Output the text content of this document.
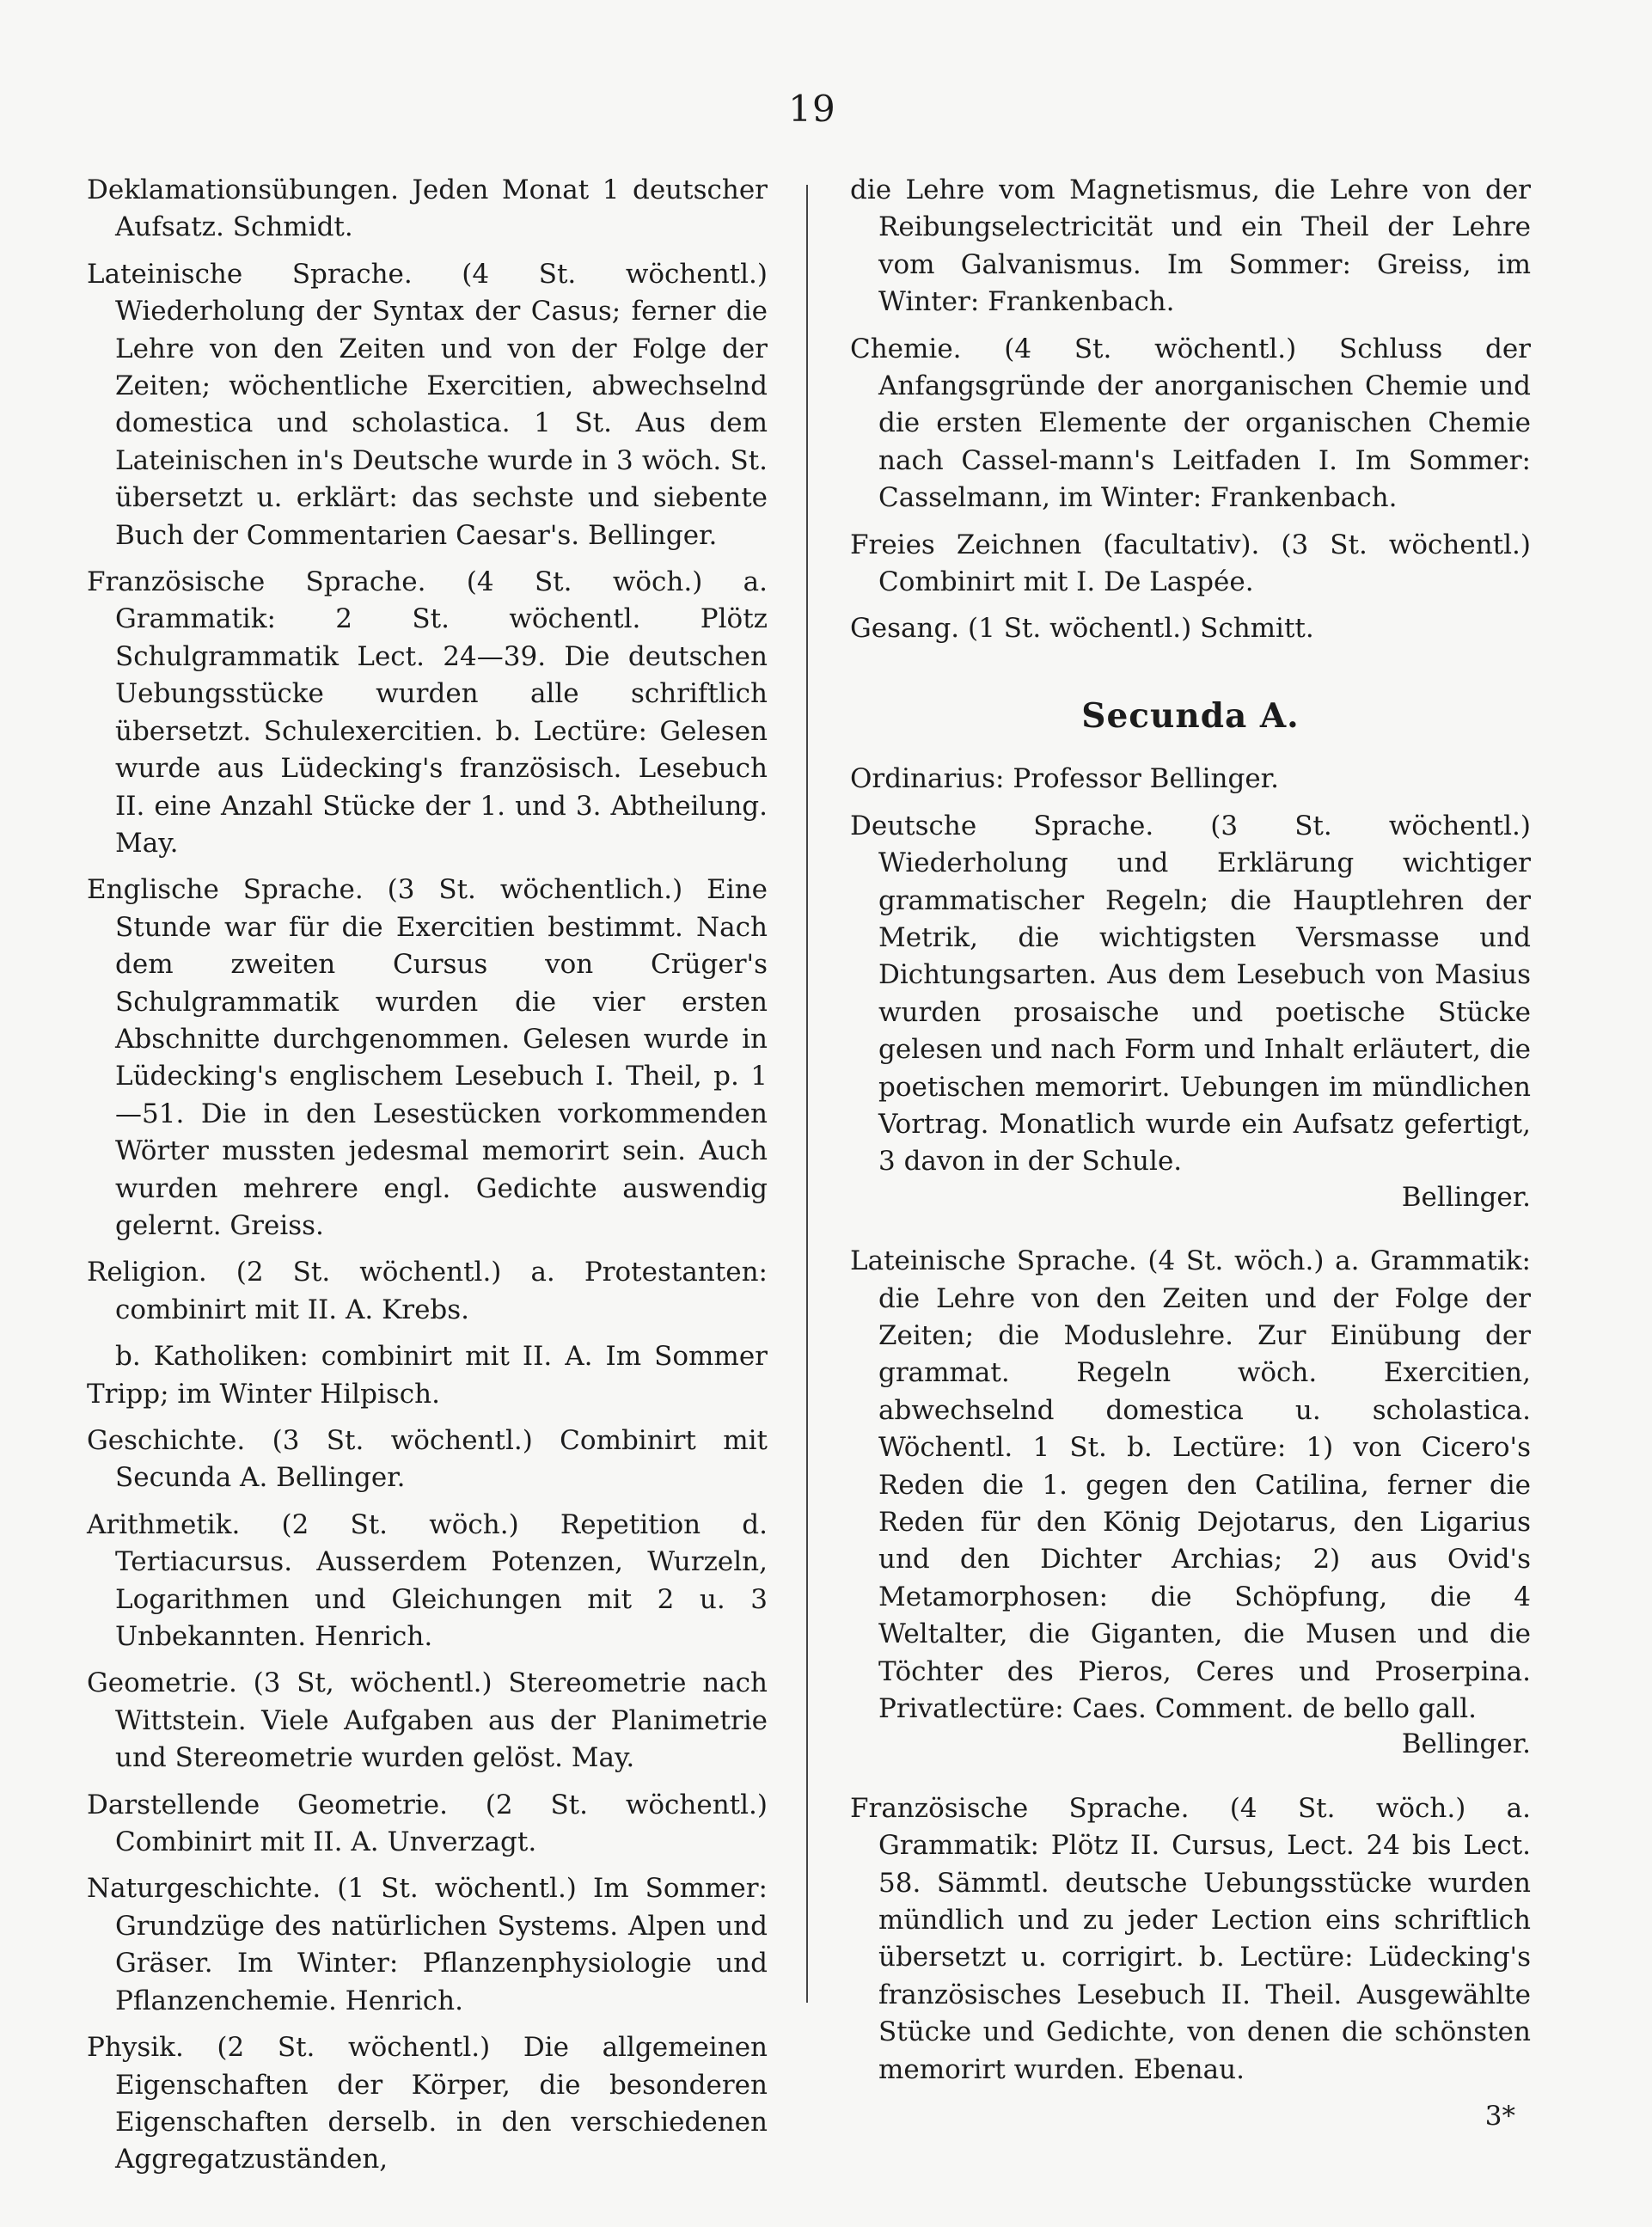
19

Deklamationsübungen. Jeden Monat 1 deutscher Aufsatz. Schmidt.

Lateinische Sprache. (4 St. wöchentl.) Wiederholung der Syntax der Casus; ferner die Lehre von den Zeiten und von der Folge der Zeiten; wöchentliche Exercitien, abwechselnd domestica und scholastica. 1 St. Aus dem Lateinischen in's Deutsche wurde in 3 wöch. St. übersetzt u. erklärt: das sechste und siebente Buch der Commentarien Caesar's. Bellinger.

Französische Sprache. (4 St. wöch.) a. Grammatik: 2 St. wöchentl. Plötz Schulgrammatik Lect. 24—39. Die deutschen Uebungsstücke wurden alle schriftlich übersetzt. Schulexercitien. b. Lectüre: Gelesen wurde aus Lüdecking's französisch. Lesebuch II. eine Anzahl Stücke der 1. und 3. Abtheilung. May.

Englische Sprache. (3 St. wöchentlich.) Eine Stunde war für die Exercitien bestimmt. Nach dem zweiten Cursus von Crüger's Schulgrammatik wurden die vier ersten Abschnitte durchgenommen. Gelesen wurde in Lüdecking's englischem Lesebuch I. Theil, p. 1—51. Die in den Lesestücken vorkommenden Wörter mussten jedesmal memorirt sein. Auch wurden mehrere engl. Gedichte auswendig gelernt. Greiss.

Religion. (2 St. wöchentl.) a. Protestanten: combinirt mit II. A. Krebs.

b. Katholiken: combinirt mit II. A. Im Sommer Tripp; im Winter Hilpisch.

Geschichte. (3 St. wöchentl.) Combinirt mit Secunda A. Bellinger.

Arithmetik. (2 St. wöch.) Repetition d. Tertiacursus. Ausserdem Potenzen, Wurzeln, Logarithmen und Gleichungen mit 2 u. 3 Unbekannten. Henrich.

Geometrie. (3 St, wöchentl.) Stereometrie nach Wittstein. Viele Aufgaben aus der Planimetrie und Stereometrie wurden gelöst. May.

Darstellende Geometrie. (2 St. wöchentl.) Combinirt mit II. A. Unverzagt.

Naturgeschichte. (1 St. wöchentl.) Im Sommer: Grundzüge des natürlichen Systems. Alpen und Gräser. Im Winter: Pflanzenphysiologie und Pflanzenchemie. Henrich.

Physik. (2 St. wöchentl.) Die allgemeinen Eigenschaften der Körper, die besonderen Eigenschaften derselb. in den verschiedenen Aggregatzuständen,

die Lehre vom Magnetismus, die Lehre von der Reibungselectricität und ein Theil der Lehre vom Galvanismus. Im Sommer: Greiss, im Winter: Frankenbach.

Chemie. (4 St. wöchentl.) Schluss der Anfangsgründe der anorganischen Chemie und die ersten Elemente der organischen Chemie nach Cassel-mann's Leitfaden I. Im Sommer: Casselmann, im Winter: Frankenbach.

Freies Zeichnen (facultativ). (3 St. wöchentl.) Combinirt mit I. De Laspée.

Gesang. (1 St. wöchentl.) Schmitt.

Secunda A.

Ordinarius: Professor Bellinger.

Deutsche Sprache. (3 St. wöchentl.) Wiederholung und Erklärung wichtiger grammatischer Regeln; die Hauptlehren der Metrik, die wichtigsten Versmasse und Dichtungsarten. Aus dem Lesebuch von Masius wurden prosaische und poetische Stücke gelesen und nach Form und Inhalt erläutert, die poetischen memorirt. Uebungen im mündlichen Vortrag. Monatlich wurde ein Aufsatz gefertigt, 3 davon in der Schule.

Bellinger.

Lateinische Sprache. (4 St. wöch.) a. Grammatik: die Lehre von den Zeiten und der Folge der Zeiten; die Moduslehre. Zur Einübung der grammat. Regeln wöch. Exercitien, abwechselnd domestica u. scholastica. Wöchentl. 1 St. b. Lectüre: 1) von Cicero's Reden die 1. gegen den Catilina, ferner die Reden für den König Dejotarus, den Ligarius und den Dichter Archias; 2) aus Ovid's Metamorphosen: die Schöpfung, die 4 Weltalter, die Giganten, die Musen und die Töchter des Pieros, Ceres und Proserpina. Privatlectüre: Caes. Comment. de bello gall.

Bellinger.

Französische Sprache. (4 St. wöch.) a. Grammatik: Plötz II. Cursus, Lect. 24 bis Lect. 58. Sämmtl. deutsche Uebungsstücke wurden mündlich und zu jeder Lection eins schriftlich übersetzt u. corrigirt. b. Lectüre: Lüdecking's französisches Lesebuch II. Theil. Ausgewählte Stücke und Gedichte, von denen die schönsten memorirt wurden. Ebenau.

3*
